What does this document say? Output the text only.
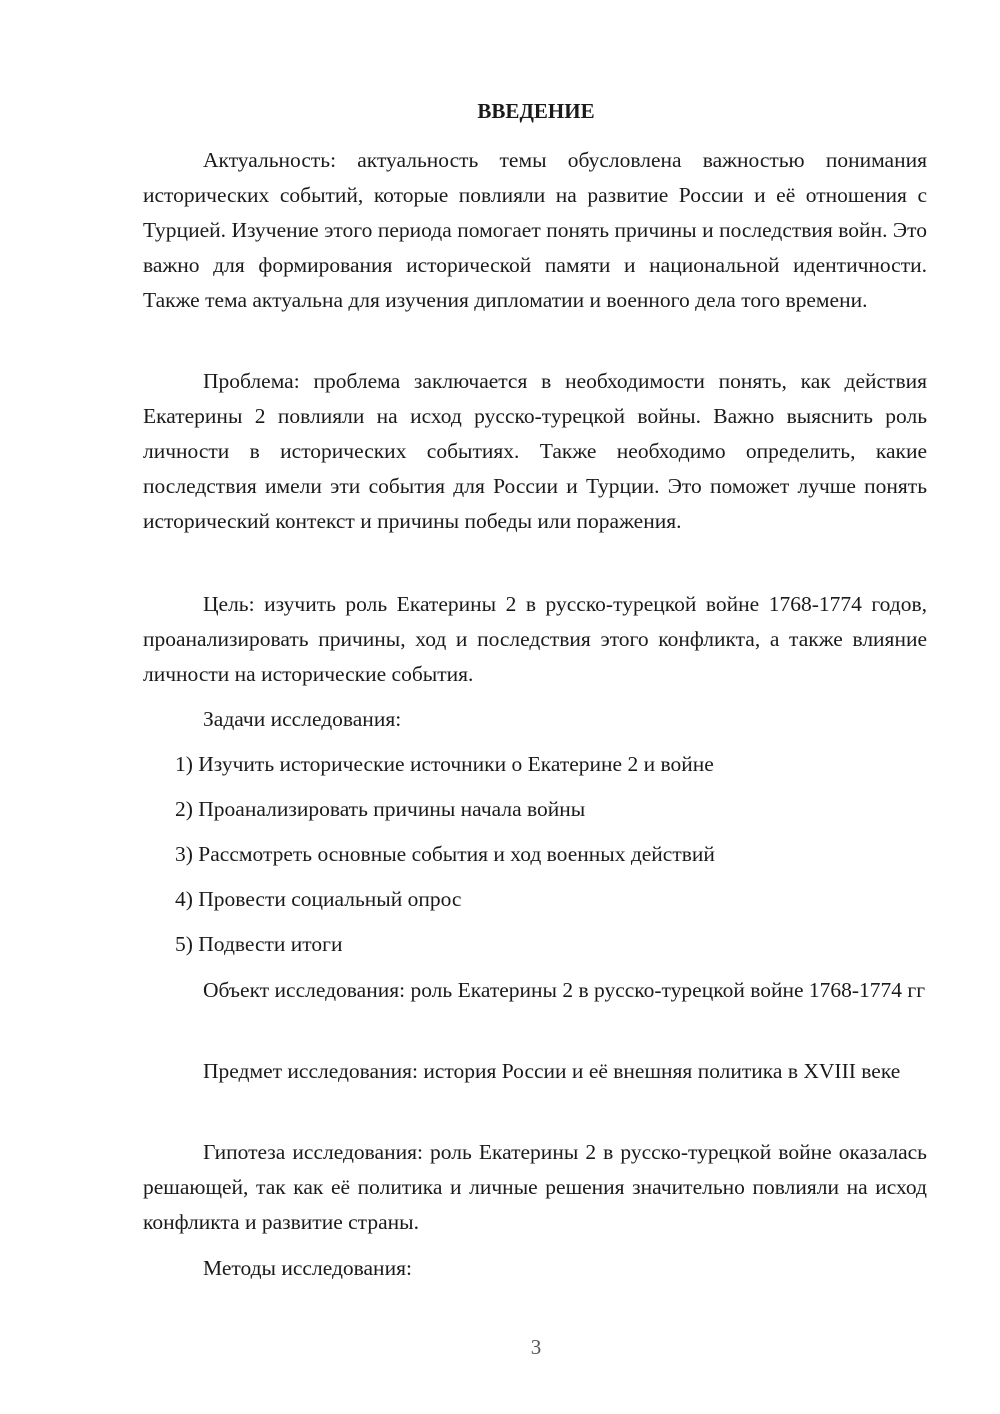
ВВЕДЕНИЕ

Актуальность: актуальность темы обусловлена важностью понимания исторических событий, которые повлияли на развитие России и её отношения с Турцией. Изучение этого периода помогает понять причины и последствия войн. Это важно для формирования исторической памяти и национальной идентичности. Также тема актуальна для изучения дипломатии и военного дела того времени.

Проблема: проблема заключается в необходимости понять, как действия Екатерины 2 повлияли на исход русско-турецкой войны. Важно выяснить роль личности в исторических событиях. Также необходимо определить, какие последствия имели эти события для России и Турции. Это поможет лучше понять исторический контекст и причины победы или поражения.

Цель: изучить роль Екатерины 2 в русско-турецкой войне 1768-1774 годов, проанализировать причины, ход и последствия этого конфликта, а также влияние личности на исторические события.

Задачи исследования:

1) Изучить исторические источники о Екатерине 2 и войне

2) Проанализировать причины начала войны

3) Рассмотреть основные события и ход военных действий

4) Провести социальный опрос

5) Подвести итоги

Объект исследования: роль Екатерины 2 в русско-турецкой войне 1768-1774 гг

Предмет исследования: история России и её внешняя политика в XVIII веке

Гипотеза исследования: роль Екатерины 2 в русско-турецкой войне оказалась решающей, так как её политика и личные решения значительно повлияли на исход конфликта и развитие страны.

Методы исследования:

3
